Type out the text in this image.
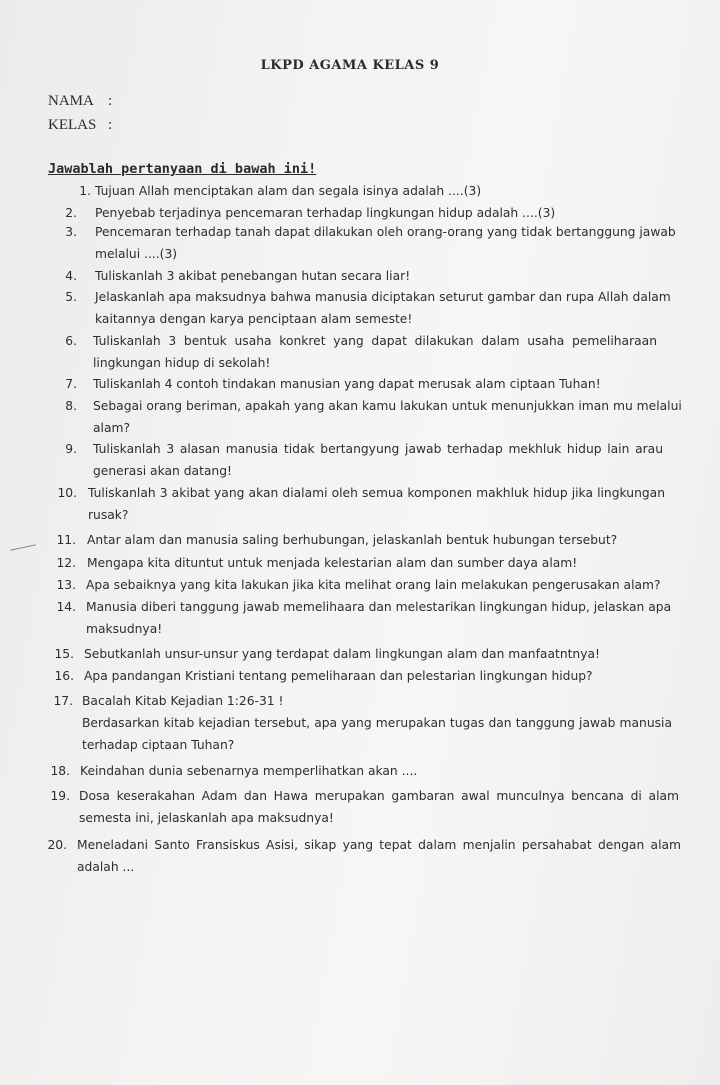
LKPD AGAMA KELAS 9
NAMA :
KELAS :
Jawablah pertanyaan di bawah ini!
1. Tujuan Allah menciptakan alam dan segala isinya adalah ....(3)
2. Penyebab terjadinya pencemaran terhadap lingkungan hidup adalah ....(3)
3. Pencemaran terhadap tanah dapat dilakukan oleh orang-orang yang tidak bertanggung jawab
melalui ....(3)
4. Tuliskanlah 3 akibat penebangan hutan secara liar!
5. Jelaskanlah apa maksudnya bahwa manusia diciptakan seturut gambar dan rupa Allah dalam
kaitannya dengan karya penciptaan alam semeste!
6. Tuliskanlah 3 bentuk usaha konkret yang dapat dilakukan dalam usaha pemeliharaan
lingkungan hidup di sekolah!
7. Tuliskanlah 4 contoh tindakan manusian yang dapat merusak alam ciptaan Tuhan!
8. Sebagai orang beriman, apakah yang akan kamu lakukan untuk menunjukkan iman mu melalui
alam?
9. Tuliskanlah 3 alasan manusia tidak bertangyung jawab terhadap mekhluk hidup lain arau
generasi akan datang!
10. Tuliskanlah 3 akibat yang akan dialami oleh semua komponen makhluk hidup jika lingkungan
rusak?
11. Antar alam dan manusia saling berhubungan, jelaskanlah bentuk hubungan tersebut?
12. Mengapa kita dituntut untuk menjada kelestarian alam dan sumber daya alam!
13. Apa sebaiknya yang kita lakukan jika kita melihat orang lain melakukan pengerusakan alam?
14. Manusia diberi tanggung jawab memelihaara dan melestarikan lingkungan hidup, jelaskan apa
maksudnya!
15. Sebutkanlah unsur-unsur yang terdapat dalam lingkungan alam dan manfaatntnya!
16. Apa pandangan Kristiani tentang pemeliharaan dan pelestarian lingkungan hidup?
17. Bacalah Kitab Kejadian 1:26-31 !
Berdasarkan kitab kejadian tersebut, apa yang merupakan tugas dan tanggung jawab manusia
terhadap ciptaan Tuhan?
18. Keindahan dunia sebenarnya memperlihatkan akan ....
19. Dosa keserakahan Adam dan Hawa merupakan gambaran awal munculnya bencana di alam
semesta ini, jelaskanlah apa maksudnya!
20. Meneladani Santo Fransiskus Asisi, sikap yang tepat dalam menjalin persahabat dengan alam
adalah ...
